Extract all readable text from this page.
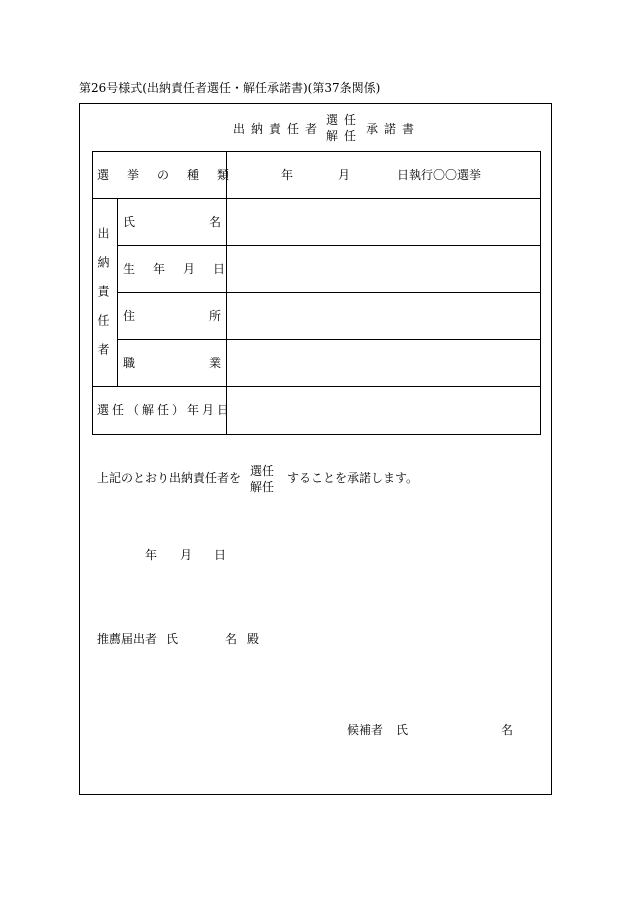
第26号様式(出納責任者選任・解任承諾書)(第37条関係)
出納責任者
選任
解任 承諾書
選挙の種類	年	月	日執行〇〇選挙
出納責任者
氏	名
生年月日
住	所
職	業
選任（解任）年月日
上記のとおり出納責任者を 選任
解任
することを承諾します。
年 月 日
推薦届出者 氏	名 殿
候補者 氏	名
